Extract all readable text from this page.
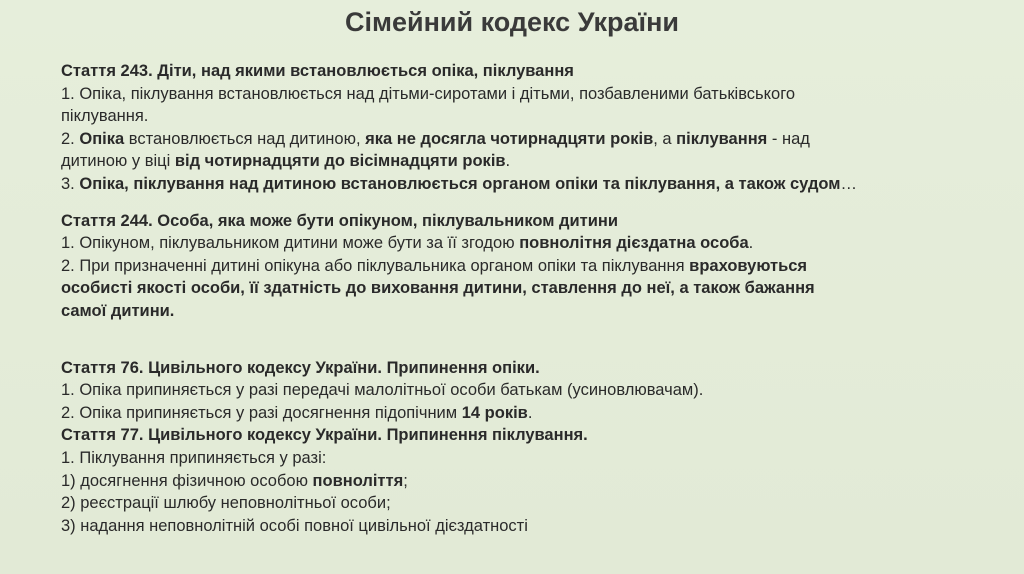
Сімейний кодекс України
Стаття 243. Діти, над якими встановлюється опіка, піклування
1. Опіка, піклування встановлюється над дітьми-сиротами і дітьми, позбавленими батьківського
піклування.
2. Опіка встановлюється над дитиною, яка не досягла чотирнадцяти років, а піклування - над
дитиною у віці від чотирнадцяти до вісімнадцяти років.
3. Опіка, піклування над дитиною встановлюється органом опіки та піклування, а також судом…
Стаття 244. Особа, яка може бути опікуном, піклувальником дитини
1. Опікуном, піклувальником дитини може бути за її згодою повнолітня дієздатна особа.
2. При призначенні дитині опікуна або піклувальника органом опіки та піклування враховуються
особисті якості особи, її здатність до виховання дитини, ставлення до неї, а також бажання
самої дитини.
Стаття 76. Цивільного кодексу України. Припинення опіки.
1. Опіка припиняється у разі передачі малолітньої особи батькам (усиновлювачам).
2. Опіка припиняється у разі досягнення підопічним 14 років.
Стаття 77. Цивільного кодексу України. Припинення піклування.
1. Піклування припиняється у разі:
1) досягнення фізичною особою повноліття;
2) реєстрації шлюбу неповнолітньої особи;
3) надання неповнолітній особі повної цивільної дієздатності
